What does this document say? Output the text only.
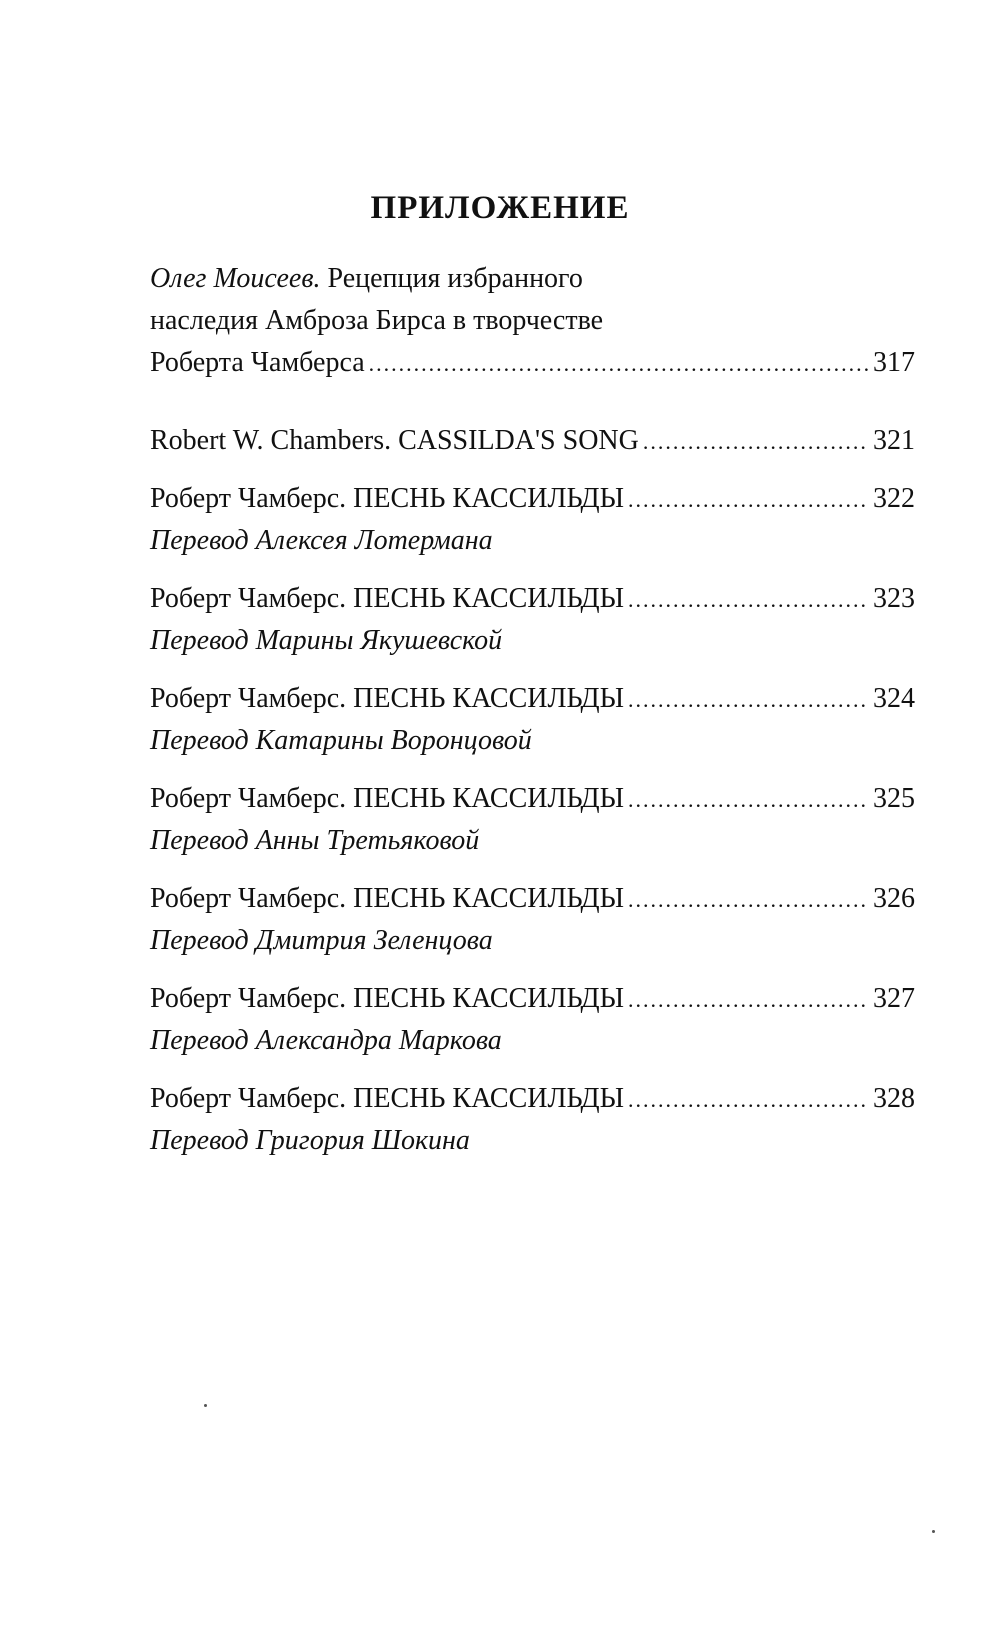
ПРИЛОЖЕНИЕ
Олег Моисеев.
Рецепция избранного
наследия Амброза Бирса в творчестве
Роберта Чамберса .....	317
Robert W. Chambers. CASSILDA'S SONG .....	321
Роберт Чамберс. ПЕСНЬ КАССИЛЬДЫ .....	322
Перевод Алексея Лотермана
Роберт Чамберс. ПЕСНЬ КАССИЛЬДЫ .....	323
Перевод Марины Якушевской
Роберт Чамберс. ПЕСНЬ КАССИЛЬДЫ .....	324
Перевод Катарины Воронцовой
Роберт Чамберс. ПЕСНЬ КАССИЛЬДЫ .....	325
Перевод Анны Третьяковой
Роберт Чамберс. ПЕСНЬ КАССИЛЬДЫ .....	326
Перевод Дмитрия Зеленцова
Роберт Чамберс. ПЕСНЬ КАССИЛЬДЫ .....	327
Перевод Александра Маркова
Роберт Чамберс. ПЕСНЬ КАССИЛЬДЫ .....	328
Перевод Григория Шокина
